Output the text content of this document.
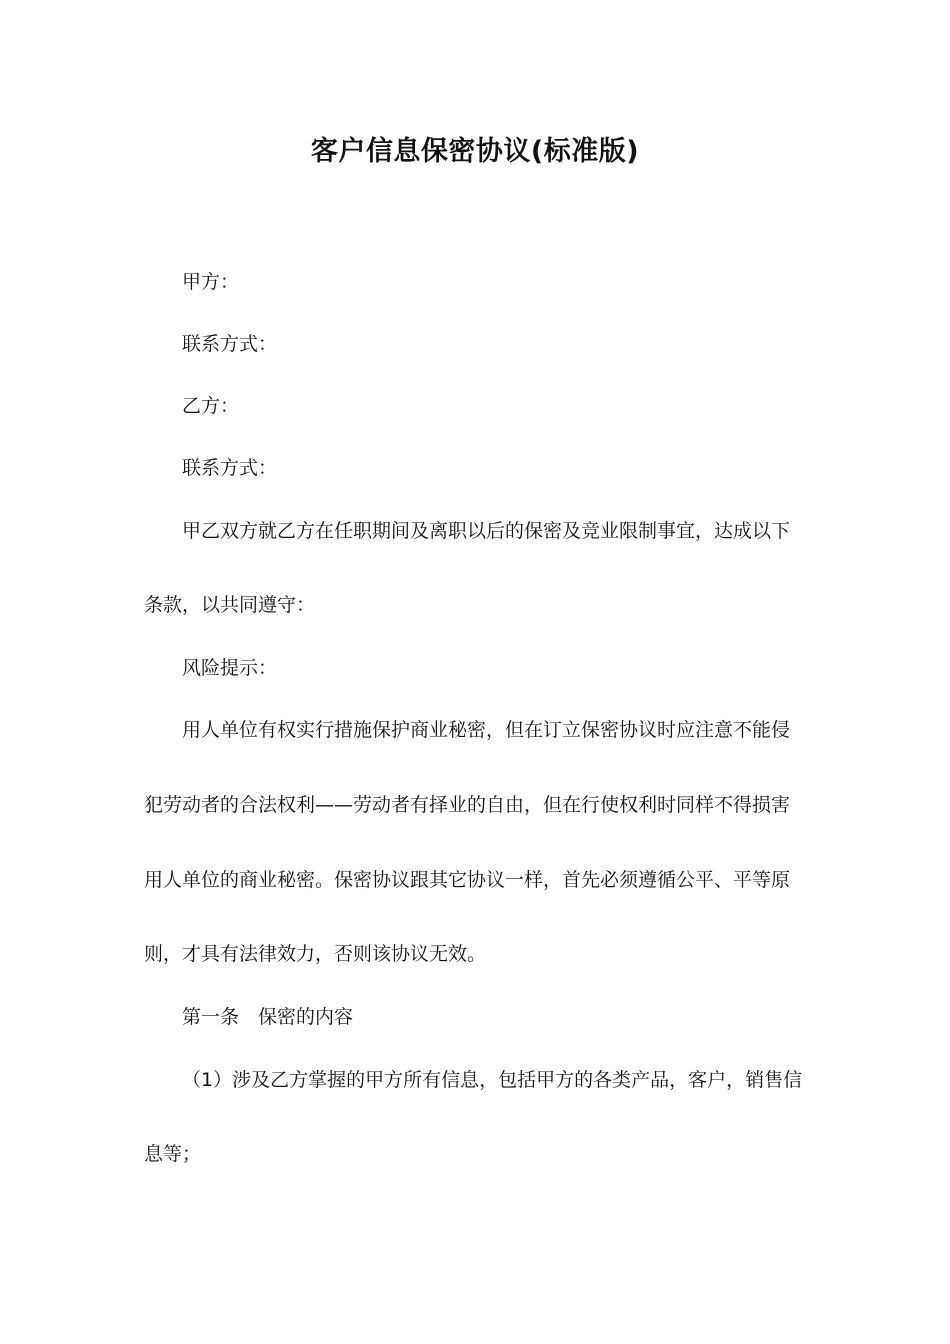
客户信息保密协议(标准版)
甲方：
联系方式：
乙方：
联系方式：
甲乙双方就乙方在任职期间及离职以后的保密及竞业限制事宜，达成以下
条款，以共同遵守：
风险提示：
用人单位有权实行措施保护商业秘密，但在订立保密协议时应注意不能侵
犯劳动者的合法权利——劳动者有择业的自由，但在行使权利时同样不得损害
用人单位的商业秘密。保密协议跟其它协议一样，首先必须遵循公平、平等原
则，才具有法律效力，否则该协议无效。
第一条　保密的内容
（1）涉及乙方掌握的甲方所有信息，包括甲方的各类产品，客户，销售信
息等；
